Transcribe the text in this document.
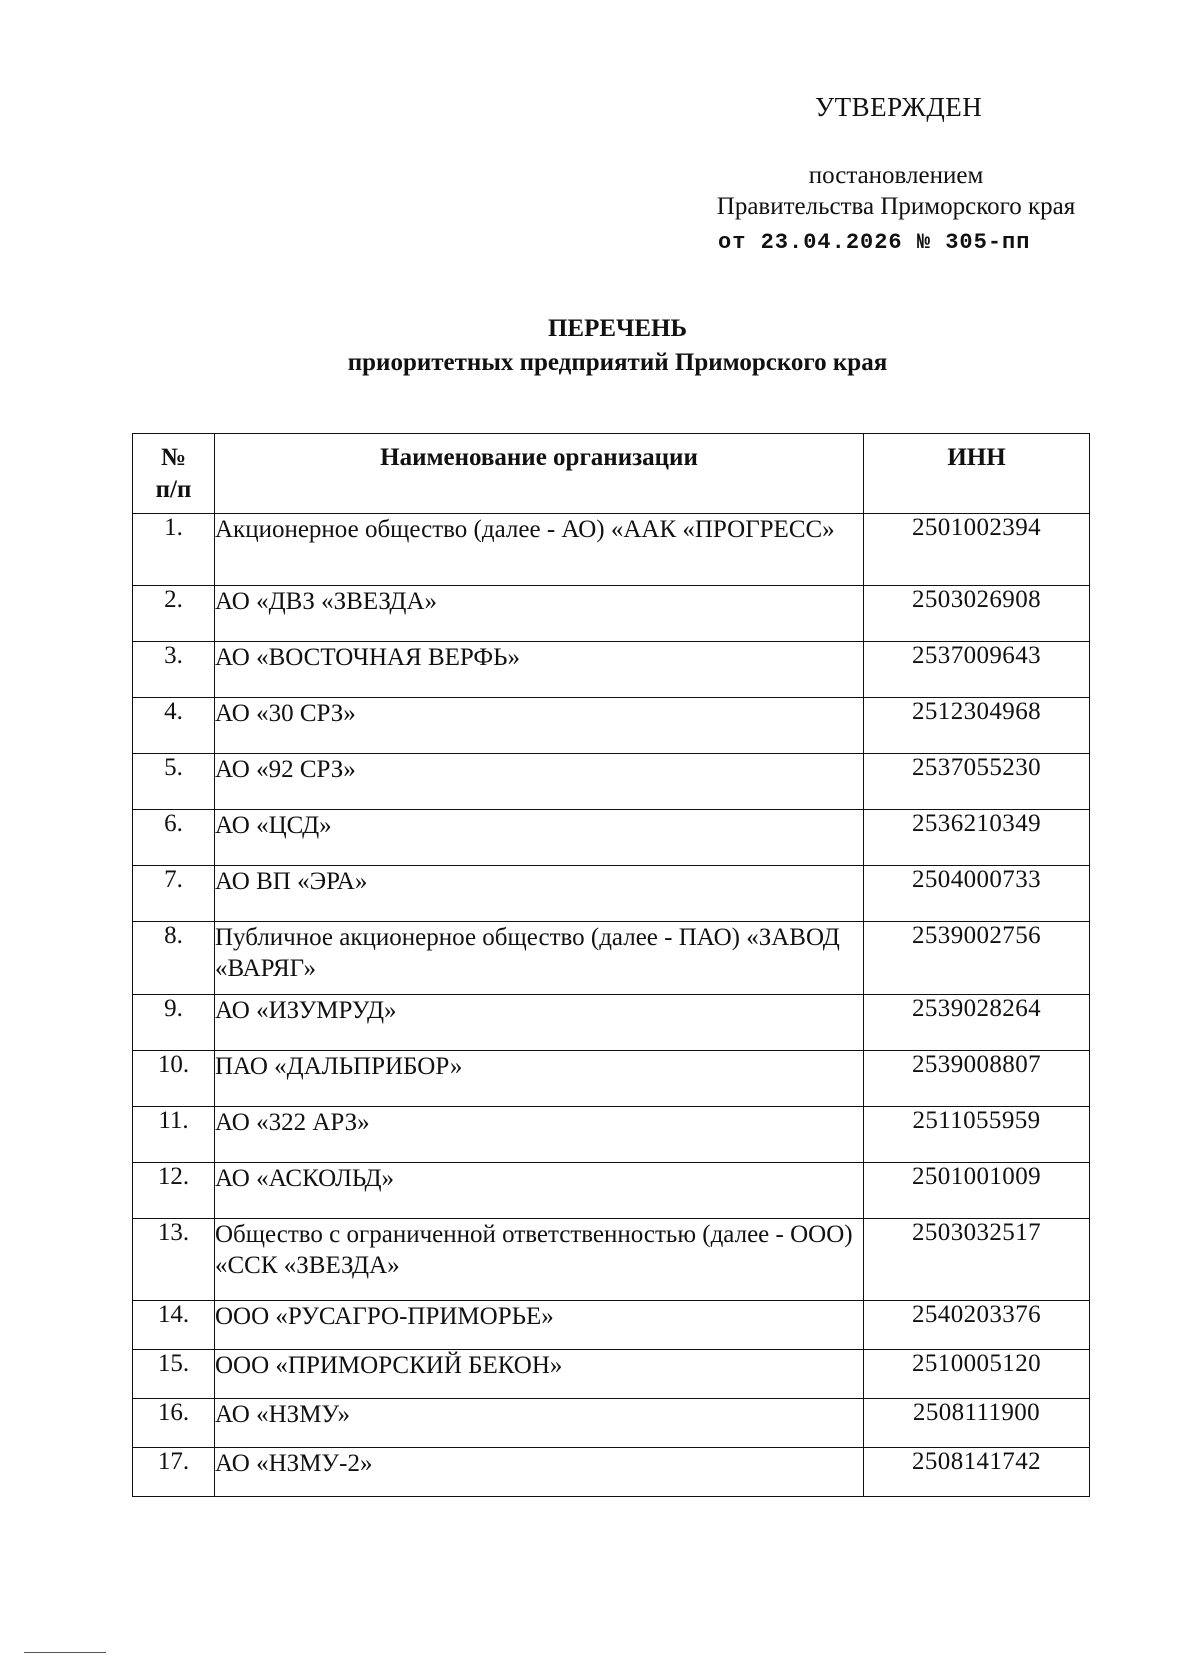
УТВЕРЖДЕН
постановлением
Правительства Приморского края
от 23.04.2026 № 305-пп
ПЕРЕЧЕНЬ
приоритетных предприятий Приморского края
№ п/п	Наименование организации	ИНН
1.	Акционерное общество (далее - АО) «ААК «ПРОГРЕСС»	2501002394
2.	АО «ДВЗ «ЗВЕЗДА»	2503026908
3.	АО «ВОСТОЧНАЯ ВЕРФЬ»	2537009643
4.	АО «30 СРЗ»	2512304968
5.	АО «92 СРЗ»	2537055230
6.	АО «ЦСД»	2536210349
7.	АО ВП «ЭРА»	2504000733
8.	Публичное акционерное общество (далее - ПАО) «ЗАВОД «ВАРЯГ»	2539002756
9.	АО «ИЗУМРУД»	2539028264
10.	ПАО «ДАЛЬПРИБОР»	2539008807
11.	АО «322 АРЗ»	2511055959
12.	АО «АСКОЛЬД»	2501001009
13.	Общество с ограниченной ответственностью (далее - ООО) «ССК «ЗВЕЗДА»	2503032517
14.	ООО «РУСАГРО-ПРИМОРЬЕ»	2540203376
15.	ООО «ПРИМОРСКИЙ БЕКОН»	2510005120
16.	АО «НЗМУ»	2508111900
17.	АО «НЗМУ-2»	2508141742
